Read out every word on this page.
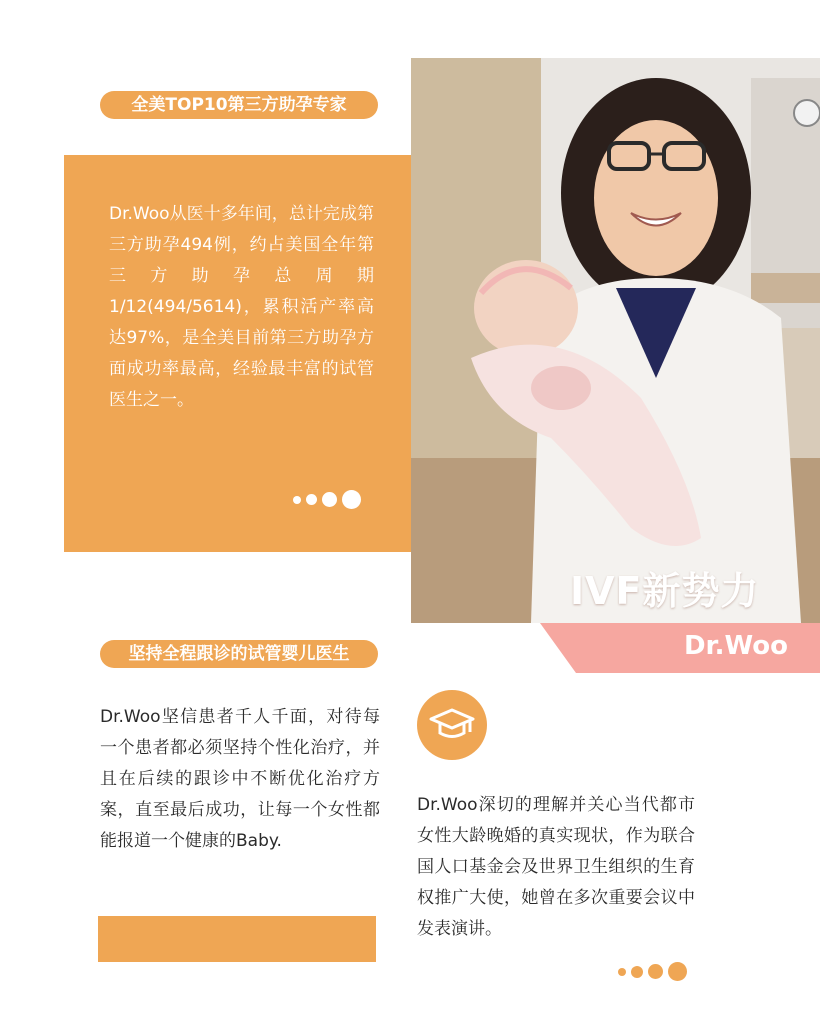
全美TOP10第三方助孕专家

Dr.Woo从医十多年间，总计完成第三方助孕494例，约占美国全年第三方助孕总周期1/12(494/5614)，累积活产率高达97%，是全美目前第三方助孕方面成功率最高，经验最丰富的试管医生之一。

IVF新势力
Dr.Woo
坚持全程跟诊的试管婴儿医生

Dr.Woo坚信患者千人千面，对待每一个患者都必须坚持个性化治疗，并且在后续的跟诊中不断优化治疗方案，直至最后成功，让每一个女性都能报道一个健康的Baby.

Dr.Woo深切的理解并关心当代都市女性大龄晚婚的真实现状，作为联合国人口基金会及世界卫生组织的生育权推广大使，她曾在多次重要会议中发表演讲。
